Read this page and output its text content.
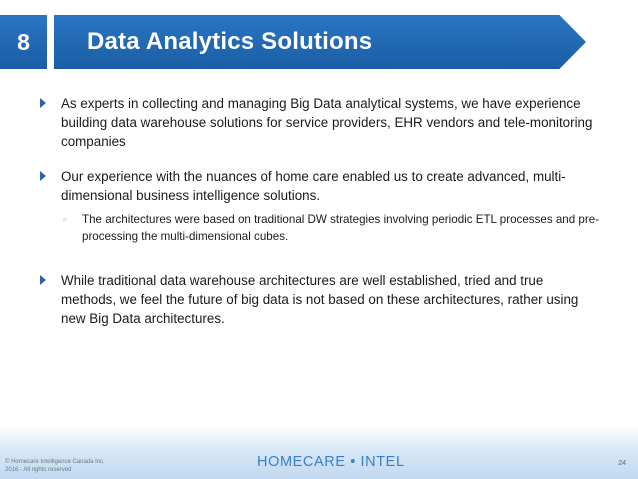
8 Data Analytics Solutions
As experts in collecting and managing Big Data analytical systems, we have experience building data warehouse solutions for service providers, EHR vendors and tele-monitoring companies
Our experience with the nuances of home care enabled us to create advanced, multi-dimensional business intelligence solutions.
▫ The architectures were based on traditional DW strategies involving periodic ETL processes and pre-processing the multi-dimensional cubes.
While traditional data warehouse architectures are well established, tried and true methods, we feel the future of big data is not based on these architectures, rather using new Big Data architectures.
© Homecare Intelligence Canada Inc.
2016 - All rights reserved	HOMECARE • INTEL	24
